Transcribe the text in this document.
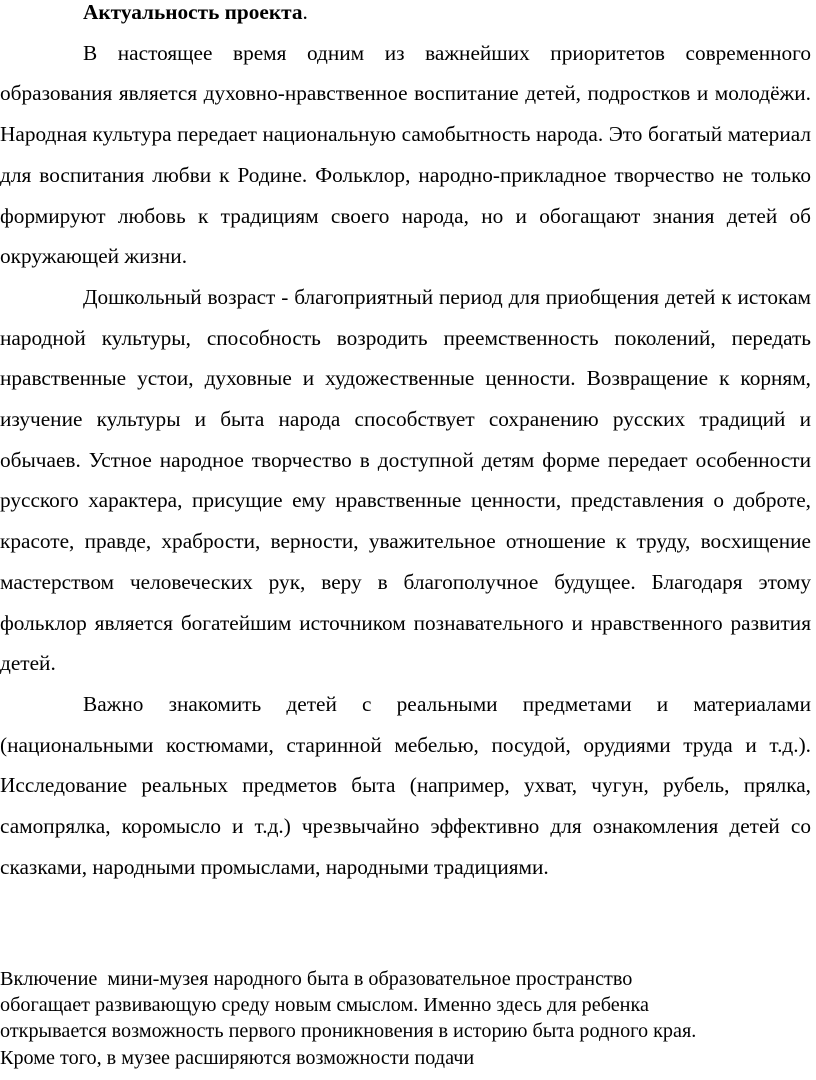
Актуальность проекта.

В настоящее время одним из важнейших приоритетов современного образования является духовно-нравственное воспитание детей, подростков и молодёжи. Народная культура передает национальную самобытность народа. Это богатый материал для воспитания любви к Родине. Фольклор, народно-прикладное творчество не только формируют любовь к традициям своего народа, но и обогащают знания детей об окружающей жизни.

Дошкольный возраст - благоприятный период для приобщения детей к истокам народной культуры, способность возродить преемственность поколений, передать нравственные устои, духовные и художественные ценности. Возвращение к корням, изучение культуры и быта народа способствует сохранению русских традиций и обычаев. Устное народное творчество в доступной детям форме передает особенности русского характера, присущие ему нравственные ценности, представления о доброте, красоте, правде, храбрости, верности, уважительное отношение к труду, восхищение мастерством человеческих рук, веру в благополучное будущее. Благодаря этому фольклор является богатейшим источником познавательного и нравственного развития детей.

Важно знакомить детей с реальными предметами и материалами (национальными костюмами, старинной мебелью, посудой, орудиями труда и т.д.). Исследование реальных предметов быта (например, ухват, чугун, рубель, прялка, самопрялка, коромысло и т.д.) чрезвычайно эффективно для ознакомления детей со сказками, народными промыслами, народными традициями.

Включение  мини-музея народного быта в образовательное пространство
обогащает развивающую среду новым смыслом. Именно здесь для ребенка
открывается возможность первого проникновения в историю быта родного края.
Кроме того, в музее расширяются возможности подачи
